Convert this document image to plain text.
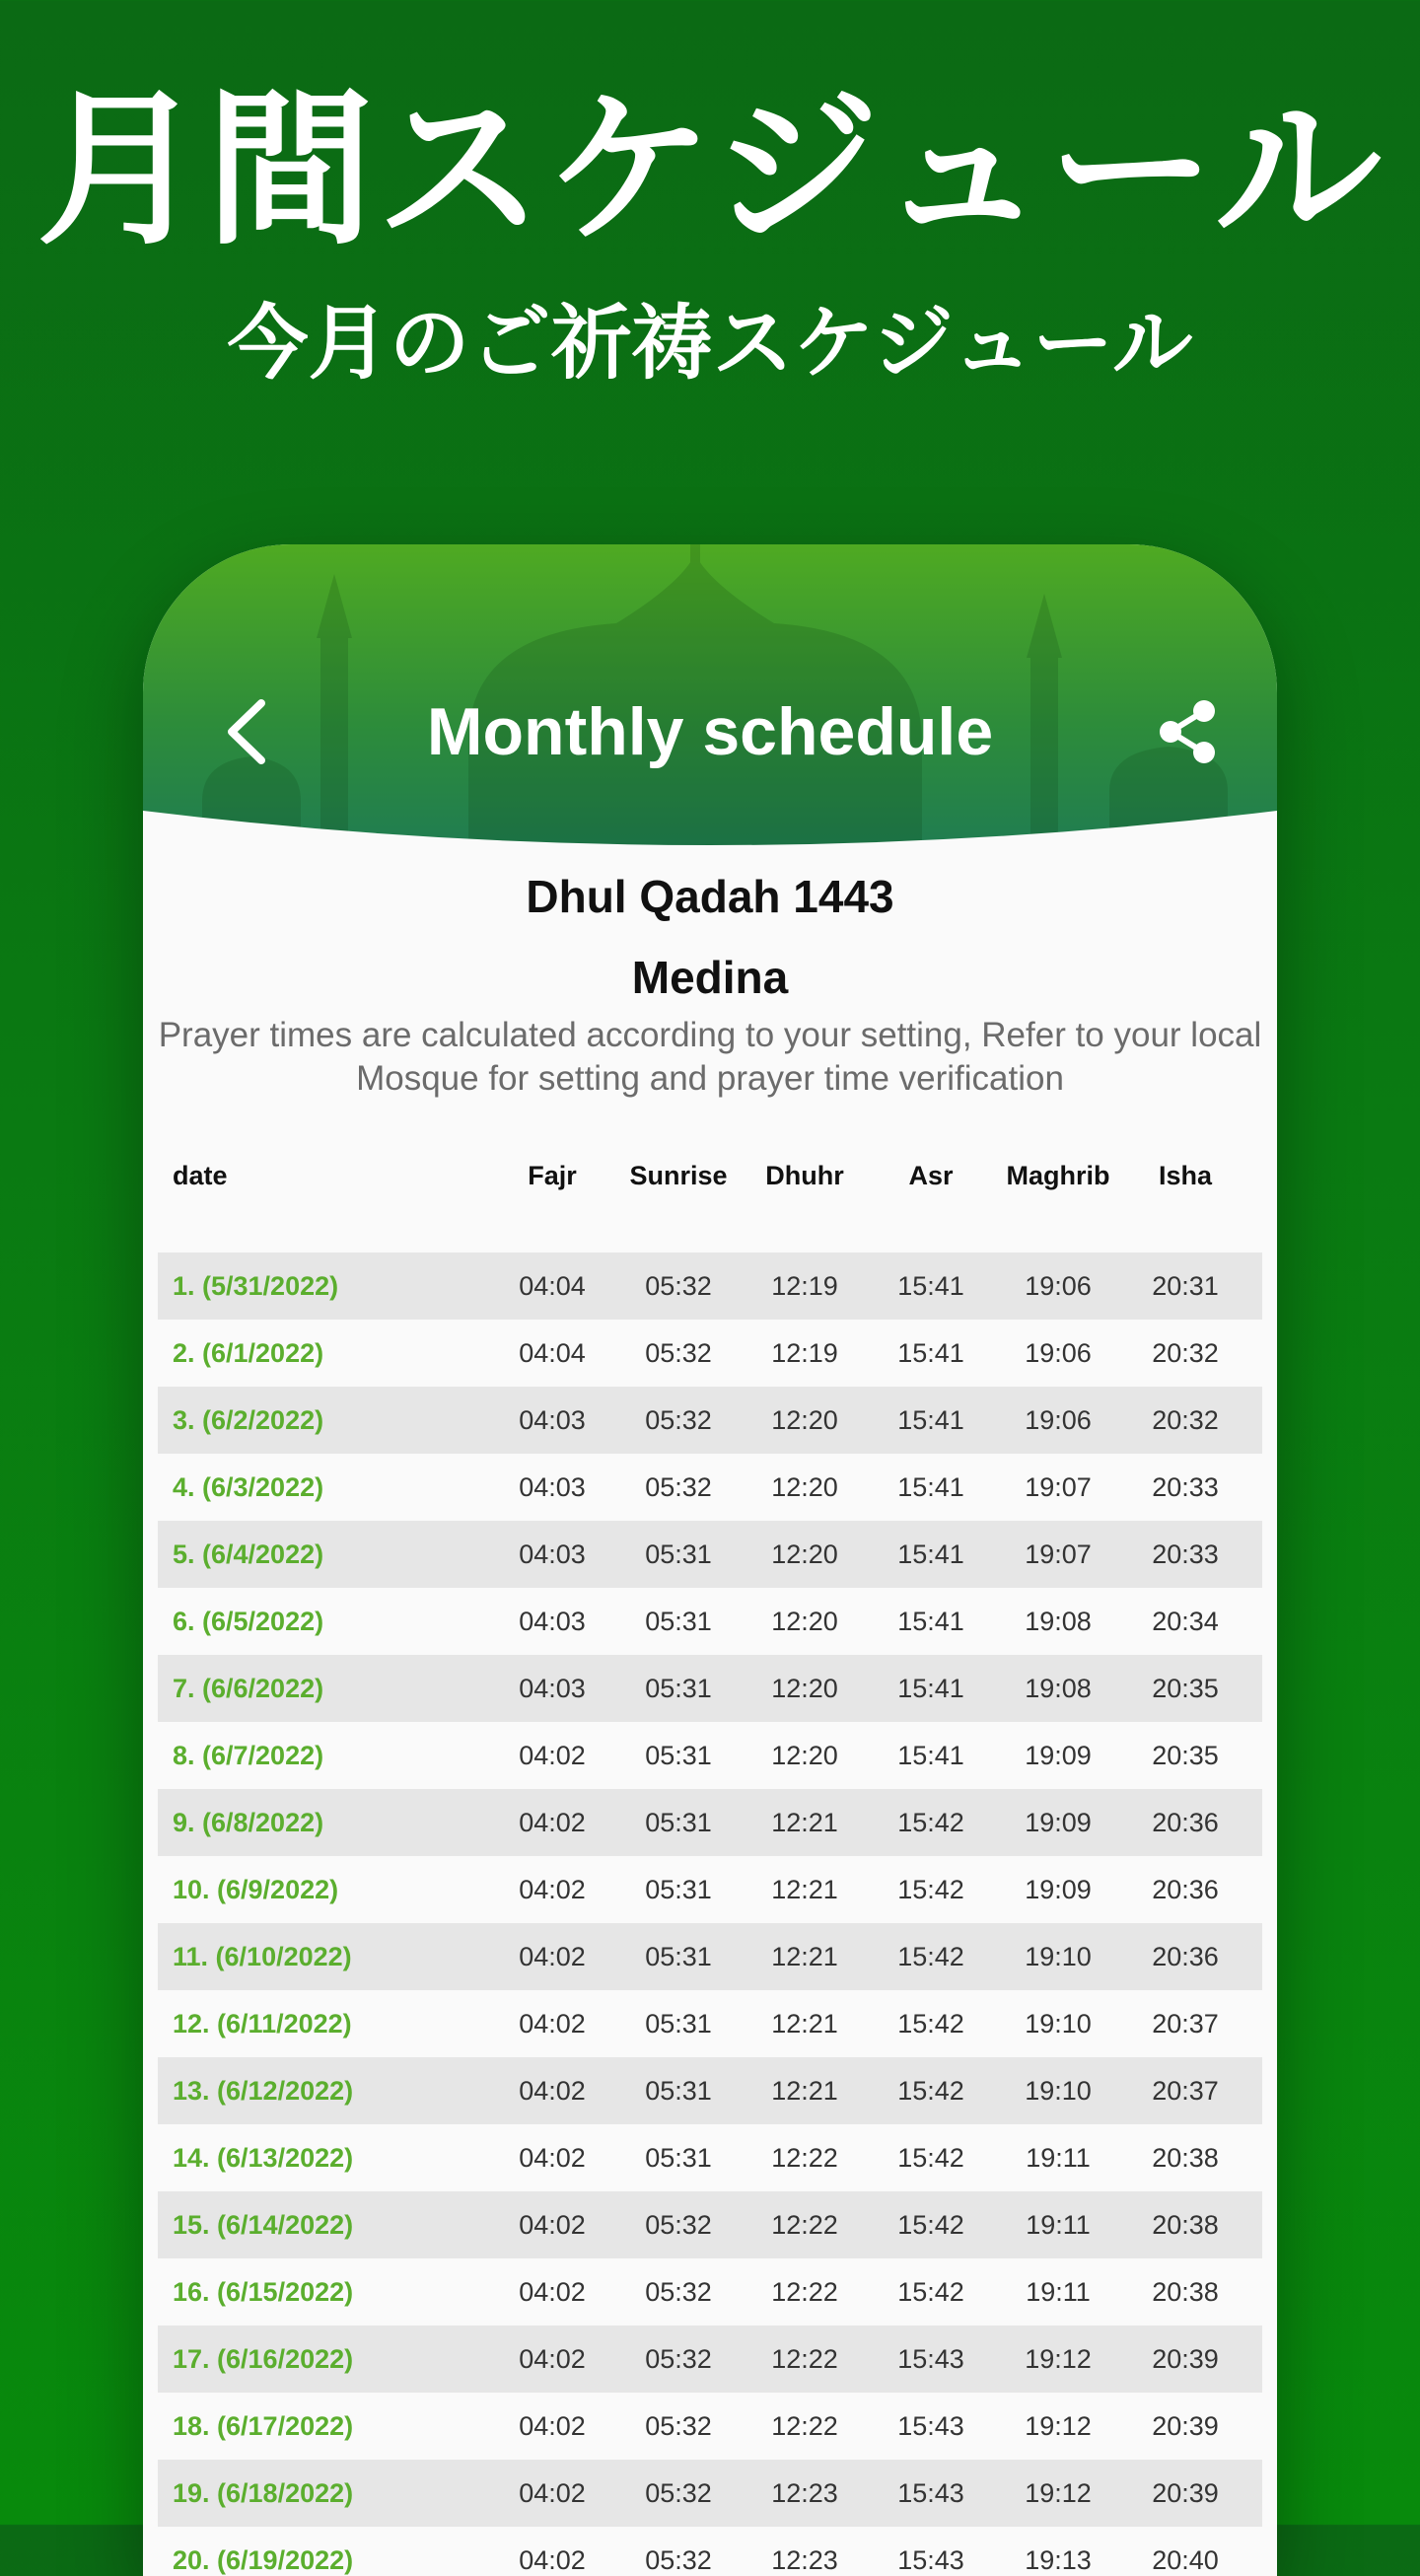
月間スケジュール
今月のご祈祷スケジュール
Monthly schedule
Dhul Qadah 1443
Medina
Prayer times are calculated according to your setting, Refer to your local Mosque for setting and prayer time verification
date	Fajr	Sunrise	Dhuhr	Asr	Maghrib	Isha
1. (5/31/2022)	04:04	05:32	12:19	15:41	19:06	20:31
2. (6/1/2022)	04:04	05:32	12:19	15:41	19:06	20:32
3. (6/2/2022)	04:03	05:32	12:20	15:41	19:06	20:32
4. (6/3/2022)	04:03	05:32	12:20	15:41	19:07	20:33
5. (6/4/2022)	04:03	05:31	12:20	15:41	19:07	20:33
6. (6/5/2022)	04:03	05:31	12:20	15:41	19:08	20:34
7. (6/6/2022)	04:03	05:31	12:20	15:41	19:08	20:35
8. (6/7/2022)	04:02	05:31	12:20	15:41	19:09	20:35
9. (6/8/2022)	04:02	05:31	12:21	15:42	19:09	20:36
10. (6/9/2022)	04:02	05:31	12:21	15:42	19:09	20:36
11. (6/10/2022)	04:02	05:31	12:21	15:42	19:10	20:36
12. (6/11/2022)	04:02	05:31	12:21	15:42	19:10	20:37
13. (6/12/2022)	04:02	05:31	12:21	15:42	19:10	20:37
14. (6/13/2022)	04:02	05:31	12:22	15:42	19:11	20:38
15. (6/14/2022)	04:02	05:32	12:22	15:42	19:11	20:38
16. (6/15/2022)	04:02	05:32	12:22	15:42	19:11	20:38
17. (6/16/2022)	04:02	05:32	12:22	15:43	19:12	20:39
18. (6/17/2022)	04:02	05:32	12:22	15:43	19:12	20:39
19. (6/18/2022)	04:02	05:32	12:23	15:43	19:12	20:39
20. (6/19/2022)	04:02	05:32	12:23	15:43	19:13	20:40
